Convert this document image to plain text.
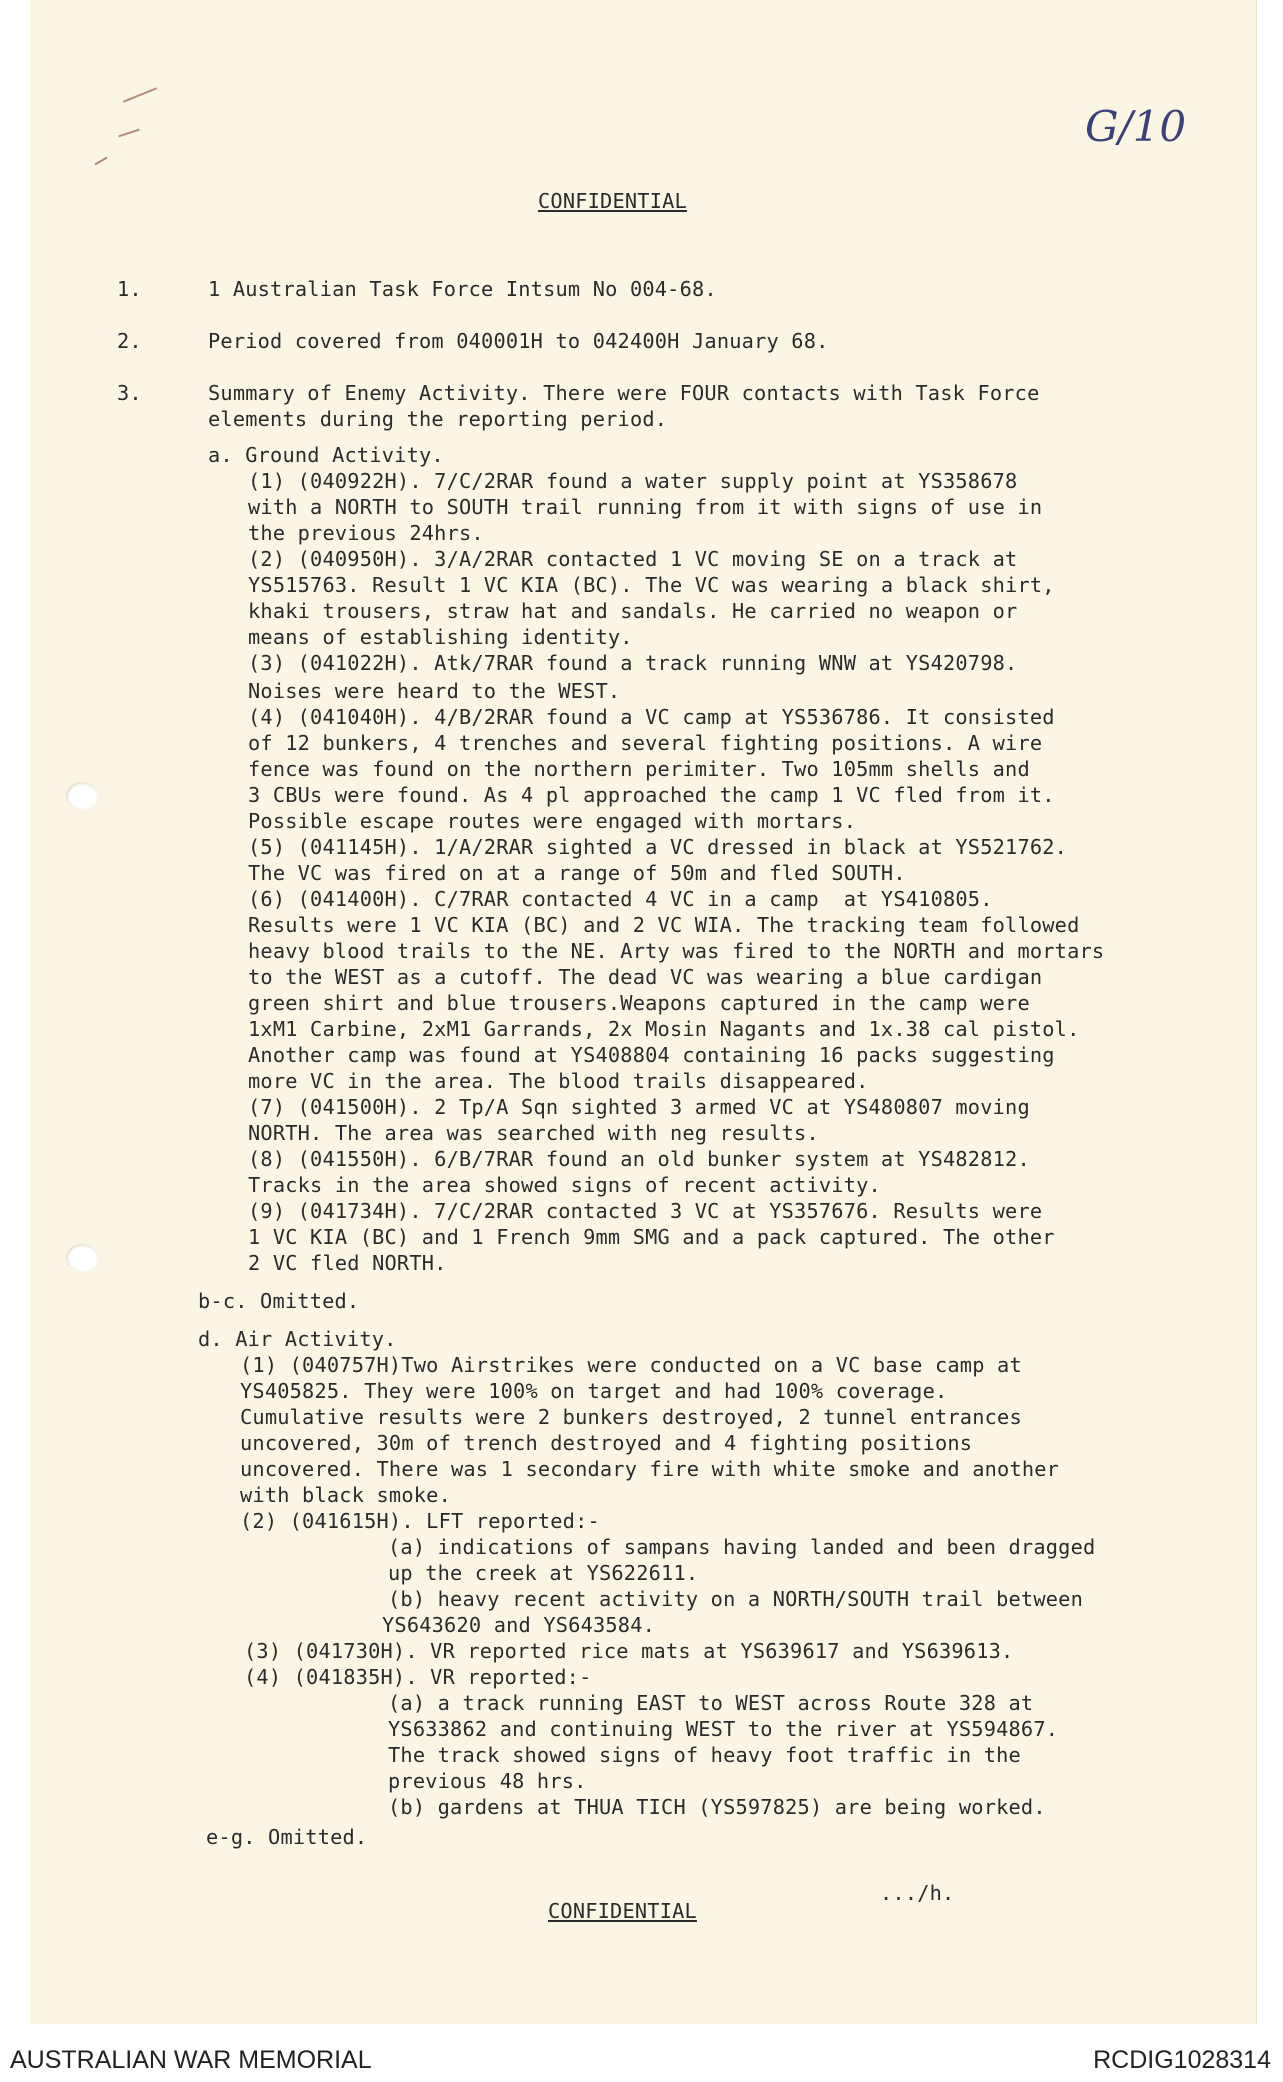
G/10

CONFIDENTIAL

1.	1 Australian Task Force Intsum No 004-68.

2.	Period covered from 040001H to 042400H January 68.

3.	Summary of Enemy Activity. There were FOUR contacts with Task Force

elements during the reporting period.

a. Ground Activity.

(1) (040922H). 7/C/2RAR found a water supply point at YS358678

with a NORTH to SOUTH trail running from it with signs of use in

the previous 24hrs.

(2) (040950H). 3/A/2RAR contacted 1 VC moving SE on a track at

YS515763. Result 1 VC KIA (BC). The VC was wearing a black shirt,

khaki trousers, straw hat and sandals. He carried no weapon or

means of establishing identity.

(3) (041022H). Atk/7RAR found a track running WNW at YS420798.

Noises were heard to the WEST.

(4) (041040H). 4/B/2RAR found a VC camp at YS536786. It consisted

of 12 bunkers, 4 trenches and several fighting positions. A wire

fence was found on the northern perimiter. Two 105mm shells and

3 CBUs were found. As 4 pl approached the camp 1 VC fled from it.

Possible escape routes were engaged with mortars.

(5) (041145H). 1/A/2RAR sighted a VC dressed in black at YS521762.

The VC was fired on at a range of 50m and fled SOUTH.

(6) (041400H). C/7RAR contacted 4 VC in a camp  at YS410805.

Results were 1 VC KIA (BC) and 2 VC WIA. The tracking team followed

heavy blood trails to the NE. Arty was fired to the NORTH and mortars

to the WEST as a cutoff. The dead VC was wearing a blue cardigan

green shirt and blue trousers.Weapons captured in the camp were

1xM1 Carbine, 2xM1 Garrands, 2x Mosin Nagants and 1x.38 cal pistol.

Another camp was found at YS408804 containing 16 packs suggesting

more VC in the area. The blood trails disappeared.

(7) (041500H). 2 Tp/A Sqn sighted 3 armed VC at YS480807 moving

NORTH. The area was searched with neg results.

(8) (041550H). 6/B/7RAR found an old bunker system at YS482812.

Tracks in the area showed signs of recent activity.

(9) (041734H). 7/C/2RAR contacted 3 VC at YS357676. Results were

1 VC KIA (BC) and 1 French 9mm SMG and a pack captured. The other

2 VC fled NORTH.

b-c. Omitted.

d. Air Activity.

(1) (040757H)Two Airstrikes were conducted on a VC base camp at

YS405825. They were 100% on target and had 100% coverage.

Cumulative results were 2 bunkers destroyed, 2 tunnel entrances

uncovered, 30m of trench destroyed and 4 fighting positions

uncovered. There was 1 secondary fire with white smoke and another

with black smoke.

(2) (041615H). LFT reported:-

(a) indications of sampans having landed and been dragged

up the creek at YS622611.

(b) heavy recent activity on a NORTH/SOUTH trail between

YS643620 and YS643584.

(3) (041730H). VR reported rice mats at YS639617 and YS639613.

(4) (041835H). VR reported:-

(a) a track running EAST to WEST across Route 328 at

YS633862 and continuing WEST to the river at YS594867.

The track showed signs of heavy foot traffic in the

previous 48 hrs.

(b) gardens at THUA TICH (YS597825) are being worked.

e-g. Omitted.

.../h.

CONFIDENTIAL

AUSTRALIAN WAR MEMORIAL	RCDIG1028314
